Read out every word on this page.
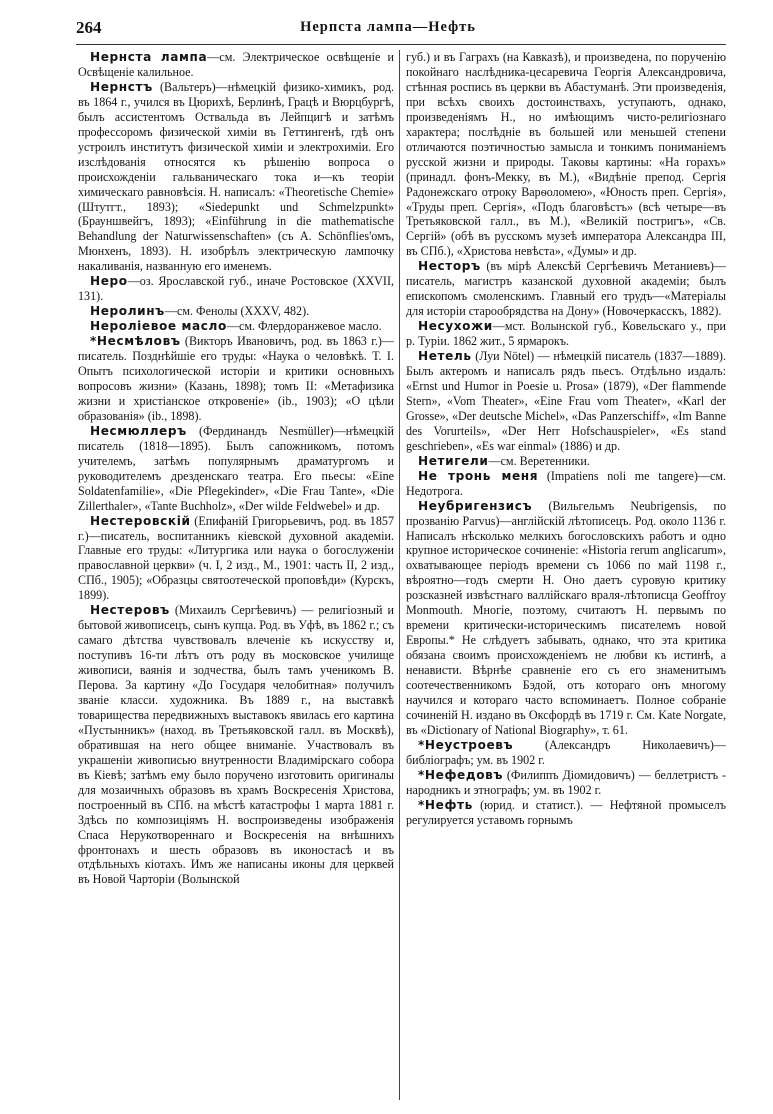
264	Нерпста лампа—Нефть

Нернста лампа—см. Электрическое освѣщеніе и Освѣщеніе калильное.

Нернстъ (Вальтеръ)—нѣмецкій физико-химикъ, род. въ 1864 г., учился въ Цюрихѣ, Берлинѣ, Грацѣ и Вюрцбургѣ, былъ ассистентомъ Оствальда въ Лейпцигѣ и затѣмъ профессоромъ физической химіи въ Геттингенѣ, гдѣ онъ устроилъ институтъ физической химіи и электрохиміи. Его изслѣдованія относятся къ рѣшенію вопроса о происхожденіи гальваническаго тока и—къ теоріи химическаго равновѣсія. Н. написалъ: «Theoretische Chemie» (Штутгт., 1893); «Siedepunkt und Schmelzpunkt» (Брауншвейгъ, 1893); «Einführung in die mathematische Behandlung der Naturwissenschaften» (съ A. Schönflies'омъ, Мюнхенъ, 1893). Н. изобрѣлъ электрическую лампочку накаливанія, названную его именемъ.

Неро—оз. Ярославской губ., иначе Ростовское (XXVII, 131).

Неролинъ—см. Фенолы (XXXV, 482).

Нероліевое масло—см. Флердоранжевое масло.

*Несмѣловъ (Викторъ Ивановичъ, род. въ 1863 г.)—писатель. Позднѣйшіе его труды: «Наука о человѣкѣ. Т. I. Опытъ психологической исторіи и критики основныхъ вопросовъ жизни» (Казань, 1898); томъ II: «Метафизика жизни и христіанское откровеніе» (ib., 1903); «О цѣли образованія» (ib., 1898).

Несмюллеръ (Фердинандъ Nesmüller)—нѣмецкій писатель (1818—1895). Былъ сапожникомъ, потомъ учителемъ, затѣмъ популярнымъ драматургомъ и руководителемъ дрезденскаго театра. Его пьесы: «Eine Soldatenfamilie», «Die Pflegekinder», «Die Frau Tante», «Die Zillerthaler», «Tante Buchholz», «Der wilde Feldwebel» и др.

Нестеровскій (Епифаній Григорьевичъ, род. въ 1857 г.)—писатель, воспитанникъ кіевской духовной академіи. Главные его труды: «Литургика или наука о богослуженіи православной церкви» (ч. I, 2 изд., М., 1901: часть II, 2 изд., СПб., 1905); «Образцы святоотеческой проповѣди» (Курскъ, 1899).

Нестеровъ (Михаилъ Сергѣевичъ) — религіозный и бытовой живописецъ, сынъ купца. Род. въ Уфѣ, въ 1862 г.; съ самаго дѣтства чувствовалъ влеченіе къ искусству и, поступивъ 16-ти лѣтъ отъ роду въ московское училище живописи, ваянія и зодчества, былъ тамъ ученикомъ В. Перова. За картину «До Государя челобитная» получилъ званіе класси. художника. Въ 1889 г., на выставкѣ товарищества передвижныхъ выставокъ явилась его картина «Пустынникъ» (наход. въ Третьяковской галл. въ Москвѣ), обратившая на него общее вниманіе. Участвовалъ въ украшеніи живописью внутренности Владимірскаго собора въ Кіевѣ; затѣмъ ему было поручено изготовить оригиналы для мозаичныхъ образовъ въ храмъ Воскресенія Христова, построенный въ СПб. на мѣстѣ катастрофы 1 марта 1881 г. Здѣсь по композиціямъ Н. воспроизведены изображенія Спаса Нерукотвореннаго и Воскресенія на внѣшнихъ фронтонахъ и шесть образовъ въ иконостасѣ и въ отдѣльныхъ кіотахъ. Имъ же написаны иконы для церквей въ Новой Чарторіи (Волынской

губ.) и въ Гаграхъ (на Кавказѣ), и произведена, по порученію покойнаго наслѣдника-цесаревича Георгія Александровича, стѣнная роспись въ церкви въ Абастуманѣ. Эти произведенія, при всѣхъ своихъ достоинствахъ, уступаютъ, однако, произведеніямъ Н., но имѣющимъ чисто-религіознаго характера; послѣдніе въ большей или меньшей степени отличаются поэтичностью замысла и тонкимъ пониманіемъ русской жизни и природы. Таковы картины: «На горахъ» (принадл. фонъ-Мекку, въ М.), «Видѣніе препод. Сергія Радонежскаго отроку Варѳоломею», «Юность преп. Сергія», «Труды преп. Сергія», «Подъ благовѣстъ» (всѣ четыре—въ Третьяковской галл., въ М.), «Великій постригъ», «Св. Сергій» (обѣ въ русскомъ музеѣ императора Александра III, въ СПб.), «Христова невѣста», «Думы» и др.

Несторъ (въ мірѣ Алексѣй Сергѣевичъ Метаниевъ)—писатель, магистръ казанской духовной академіи; былъ епископомъ смоленскимъ. Главный его трудъ—«Матеріалы для исторіи старообрядства на Дону» (Новочеркасскъ, 1882).

Несухожи—мст. Волынской губ., Ковельскаго у., при р. Туріи. 1862 жит., 5 ярмарокъ.

Нетель (Луи Nötel) — нѣмецкій писатель (1837—1889). Былъ актеромъ и написалъ рядъ пьесъ. Отдѣльно издалъ: «Ernst und Humor in Poesie u. Prosa» (1879), «Der flammende Stern», «Vom Theater», «Eine Frau vom Theater», «Karl der Grosse», «Der deutsche Michel», «Das Panzerschiff», «Im Banne des Vorurteils», «Der Herr Hofschauspieler», «Es stand geschrieben», «Es war einmal» (1886) и др.

Нетигели—см. Веретенники.

Не тронь меня (Impatiens noli me tangere)—см. Недотрога.

Неубригензисъ (Вильгельмъ Neubrigensis, по прозванію Parvus)—англійскій лѣтописецъ. Род. около 1136 г. Написалъ нѣсколько мелкихъ богословскихъ работъ и одно крупное историческое сочиненіе: «Historia rerum anglicarum», охватывающее періодъ времени съ 1066 по май 1198 г., вѣроятно—годъ смерти Н. Оно даетъ суровую критику розсказней извѣстнаго валлійскаго враля-лѣтописца Geoffroy Monmouth. Многіе, поэтому, считаютъ Н. первымъ по времени критически-историческимъ писателемъ новой Европы.* Не слѣдуетъ забывать, однако, что эта критика обязана своимъ происхожденіемъ не любви къ истинѣ, а ненависти. Вѣрнѣе сравненіе его съ его знаменитымъ соотечественникомъ Бэдой, отъ котораго онъ многому научился и котораго часто вспоминаетъ. Полное собраніе сочиненій Н. издано въ Оксфордѣ въ 1719 г. См. Kate Norgate, въ «Dictionary of National Biography», т. 61.

*Неустроевъ (Александръ Николаевичъ)—библіографъ; ум. въ 1902 г.

*Нефедовъ (Филиппъ Діомидовичъ) — беллетристъ - народникъ и этнографъ; ум. въ 1902 г.

*Нефть (юрид. и статист.). — Нефтяной промыселъ регулируется уставомъ горнымъ
